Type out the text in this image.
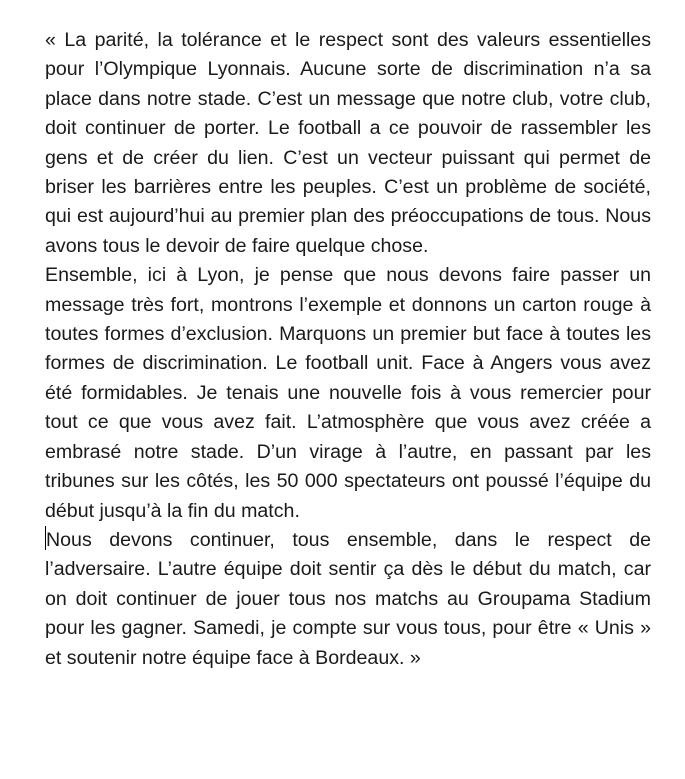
« La parité, la tolérance et le respect sont des valeurs essentielles pour l’Olympique Lyonnais. Aucune sorte de discrimination n’a sa place dans notre stade. C’est un message que notre club, votre club, doit continuer de porter. Le football a ce pouvoir de rassembler les gens et de créer du lien. C’est un vecteur puissant qui permet de briser les barrières entre les peuples. C’est un problème de société, qui est aujourd’hui au premier plan des préoccupations de tous. Nous avons tous le devoir de faire quelque chose.

Ensemble, ici à Lyon, je pense que nous devons faire passer un message très fort, montrons l’exemple et donnons un carton rouge à toutes formes d’exclusion. Marquons un premier but face à toutes les formes de discrimination. Le football unit. Face à Angers vous avez été formidables. Je tenais une nouvelle fois à vous remercier pour tout ce que vous avez fait. L’atmosphère que vous avez créée a embrasé notre stade. D’un virage à l’autre, en passant par les tribunes sur les côtés, les 50 000 spectateurs ont poussé l’équipe du début jusqu’à la fin du match.

Nous devons continuer, tous ensemble, dans le respect de l’adversaire. L’autre équipe doit sentir ça dès le début du match, car on doit continuer de jouer tous nos matchs au Groupama Stadium pour les gagner. Samedi, je compte sur vous tous, pour être « Unis » et soutenir notre équipe face à Bordeaux. »
